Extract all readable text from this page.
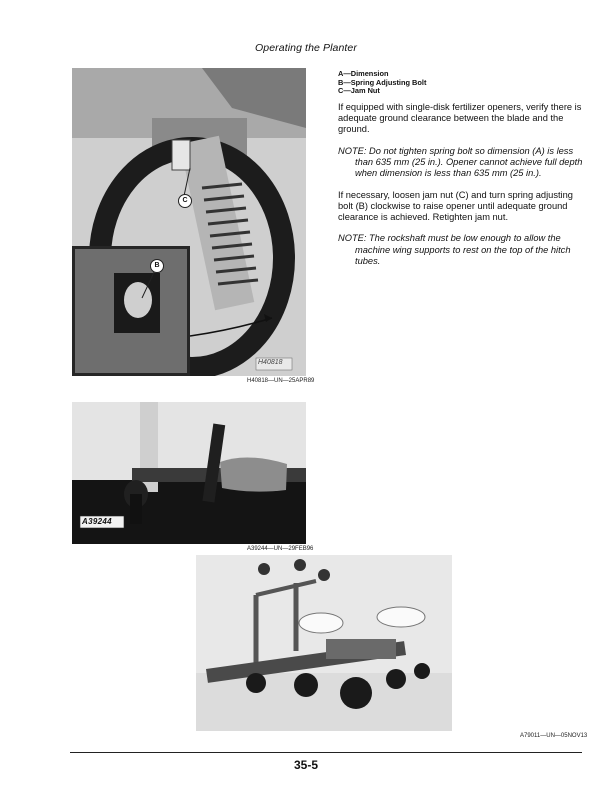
Operating the Planter
B
C
H40818
H40818—UN—25APR89
A—Dimension
B—Spring Adjusting Bolt
C—Jam Nut

If equipped with single-disk fertilizer openers, verify there is adequate ground clearance between the blade and the ground.

NOTE: Do not tighten spring bolt so dimension (A) is less than 635 mm (25 in.). Opener cannot achieve full depth when dimension is less than 635 mm (25 in.).

If necessary, loosen jam nut (C) and turn spring adjusting bolt (B) clockwise to raise opener until adequate ground clearance is achieved. Retighten jam nut.

NOTE: The rockshaft must be low enough to allow the machine wing supports to rest on the top of the hitch tubes.

A39244
A39244—UN—29FEB96
A79011—UN—05NOV13
35-5
